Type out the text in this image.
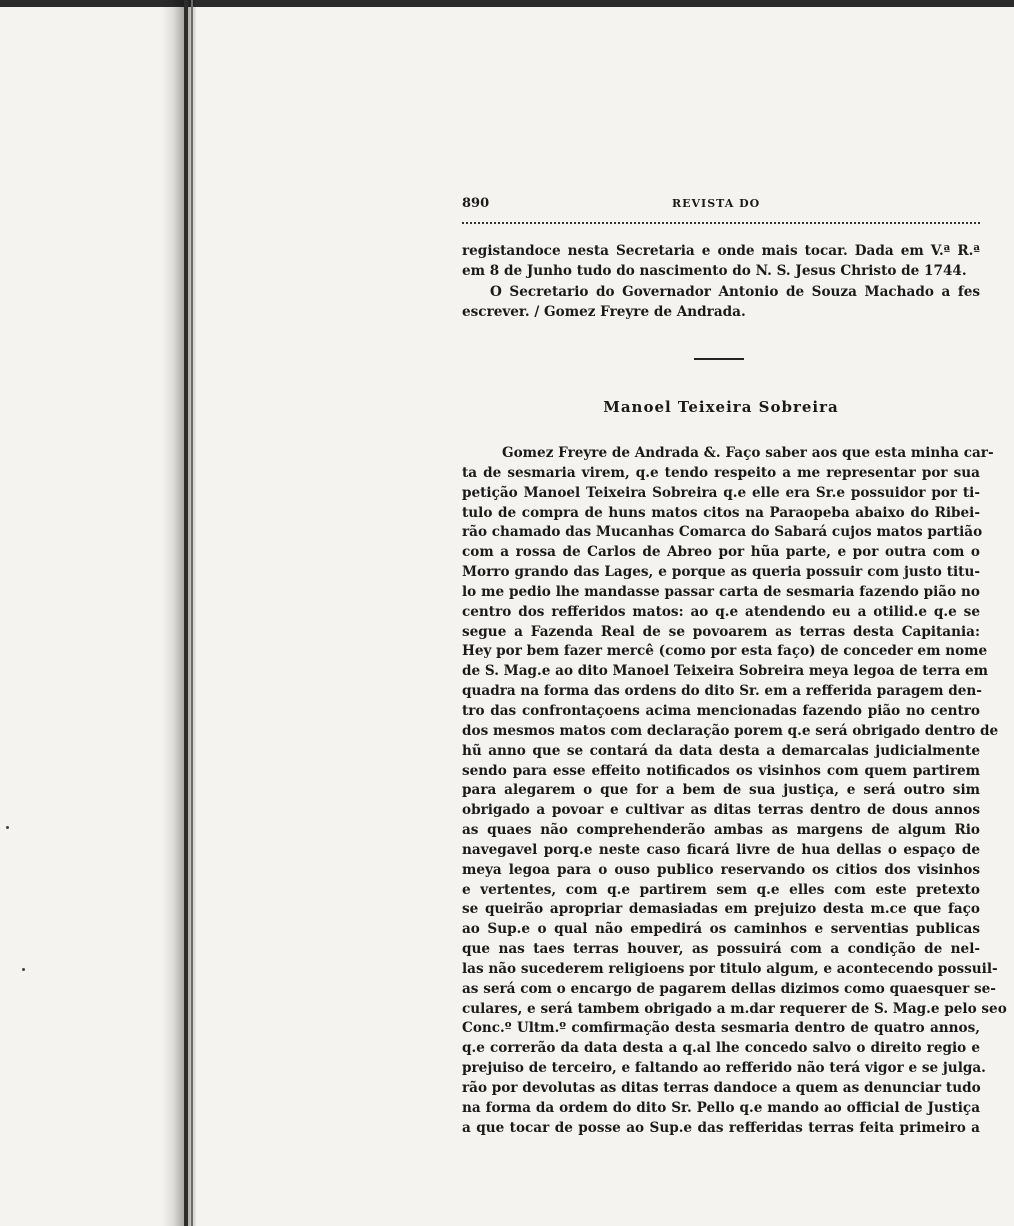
890	REVISTA DO

registandoce nesta Secretaria e onde mais tocar. Dada em V.ª R.ª em 8 de Junho tudo do nascimento do N. S. Jesus Christo de 1744.

O Secretario do Governador Antonio de Souza Machado a fes escrever. / Gomez Freyre de Andrada.

Manoel Teixeira Sobreira
Gomez Freyre de Andrada &. Faço saber aos que esta minha car-
ta de sesmaria virem, q.e tendo respeito a me representar por sua
petição Manoel Teixeira Sobreira q.e elle era Sr.e possuidor por ti-
tulo de compra de huns matos citos na Paraopeba abaixo do Ribei-
rão chamado das Mucanhas Comarca do Sabará cujos matos partião
com a rossa de Carlos de Abreo por hũa parte, e por outra com o
Morro grando das Lages, e porque as queria possuir com justo titu-
lo me pedio lhe mandasse passar carta de sesmaria fazendo pião no
centro dos refferidos matos: ao q.e atendendo eu a otilid.e q.e se
segue a Fazenda Real de se povoarem as terras desta Capitania:
Hey por bem fazer mercê (como por esta faço) de conceder em nome
de S. Mag.e ao dito Manoel Teixeira Sobreira meya legoa de terra em
quadra na forma das ordens do dito Sr. em a refferida paragem den-
tro das confrontaçoens acima mencionadas fazendo pião no centro
dos mesmos matos com declaração porem q.e será obrigado dentro de
hũ anno que se contará da data desta a demarcalas judicialmente
sendo para esse effeito notificados os visinhos com quem partirem
para alegarem o que for a bem de sua justiça, e será outro sim
obrigado a povoar e cultivar as ditas terras dentro de dous annos
as quaes não comprehenderão ambas as margens de algum Rio
navegavel porq.e neste caso ficará livre de hua dellas o espaço de
meya legoa para o ouso publico reservando os citios dos visinhos
e vertentes, com q.e partirem sem q.e elles com este pretexto
se queirão apropriar demasiadas em prejuizo desta m.ce que faço
ao Sup.e o qual não empedirá os caminhos e serventias publicas
que nas taes terras houver, as possuirá com a condição de nel-
las não sucederem religioens por titulo algum, e acontecendo possuil-
as será com o encargo de pagarem dellas dizimos como quaesquer se-
culares, e será tambem obrigado a m.dar requerer de S. Mag.e pelo seo
Conc.º Ultm.º comfirmação desta sesmaria dentro de quatro annos,
q.e correrão da data desta a q.al lhe concedo salvo o direito regio e
prejuiso de terceiro, e faltando ao refferido não terá vigor e se julga.
rão por devolutas as ditas terras dandoce a quem as denunciar tudo
na forma da ordem do dito Sr. Pello q.e mando ao official de Justiça
a que tocar de posse ao Sup.e das refferidas terras feita primeiro a
